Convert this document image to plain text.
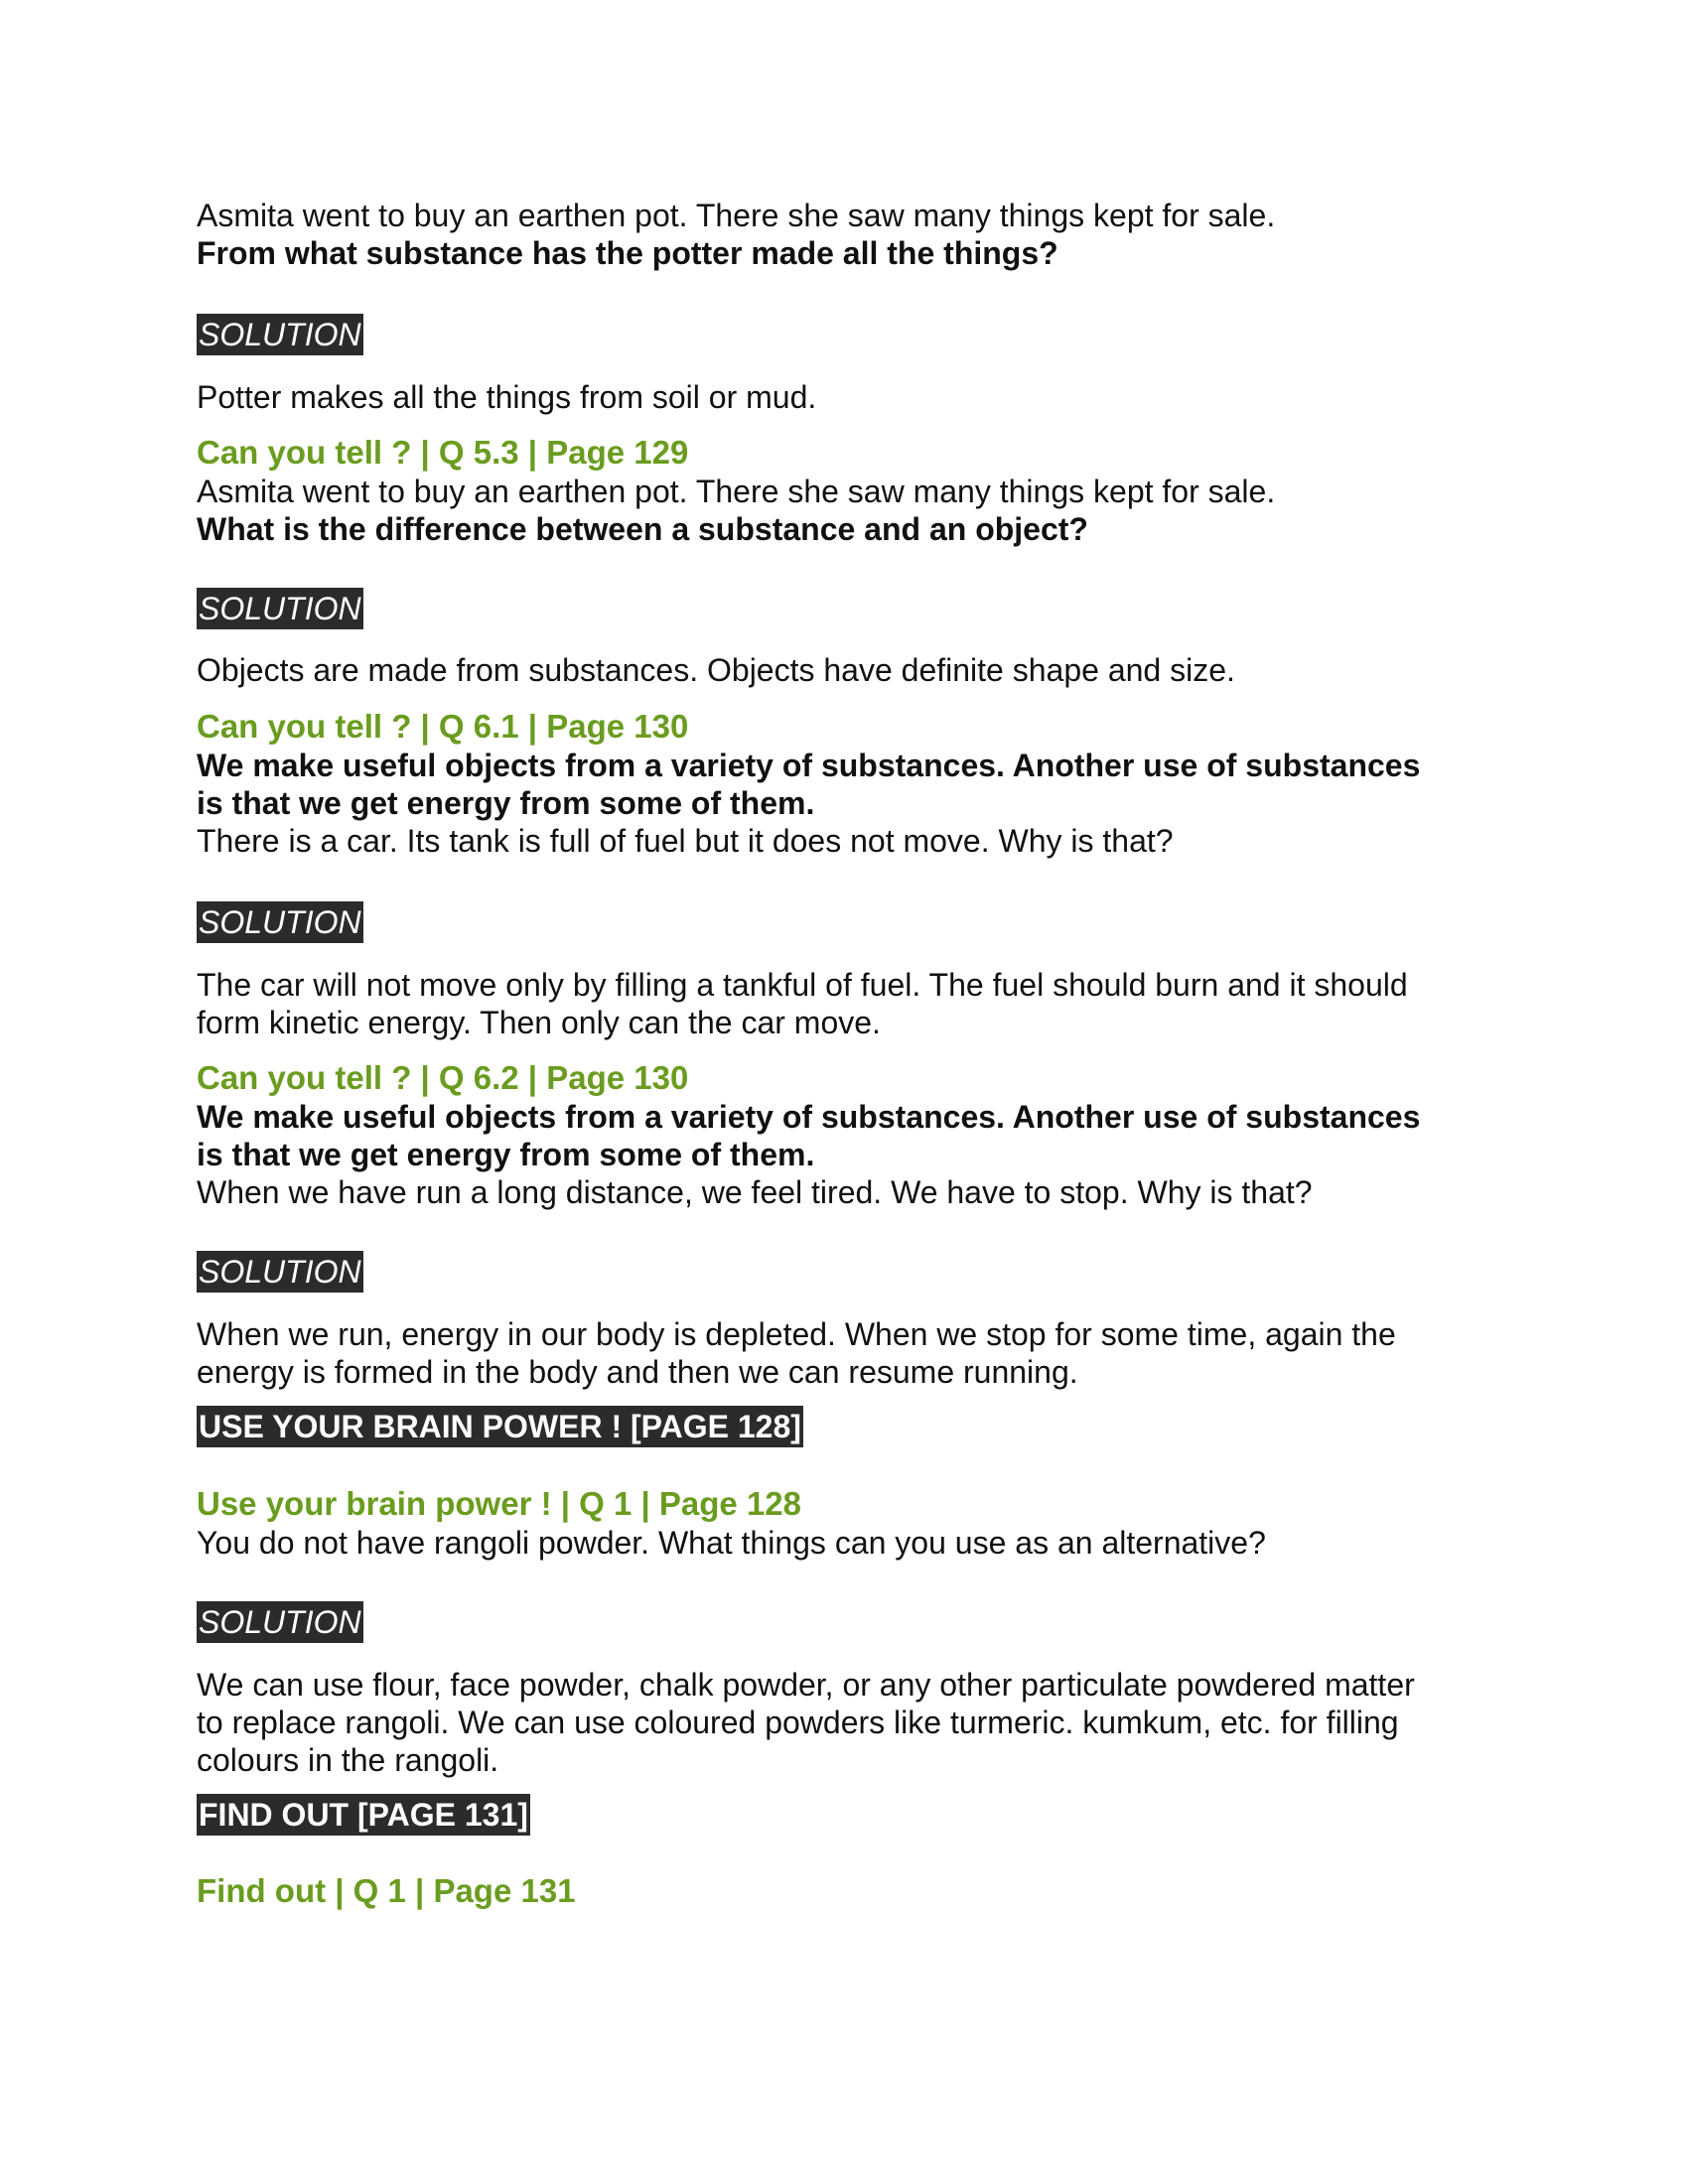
Asmita went to buy an earthen pot. There she saw many things kept for sale.

From what substance has the potter made all the things?

SOLUTION

Potter makes all the things from soil or mud.

Can you tell ? | Q 5.3 | Page 129

Asmita went to buy an earthen pot. There she saw many things kept for sale.

What is the difference between a substance and an object?

SOLUTION

Objects are made from substances. Objects have definite shape and size.

Can you tell ? | Q 6.1 | Page 130

We make useful objects from a variety of substances. Another use of substances

is that we get energy from some of them.

There is a car. Its tank is full of fuel but it does not move. Why is that?

SOLUTION

The car will not move only by filling a tankful of fuel. The fuel should burn and it should

form kinetic energy. Then only can the car move.

Can you tell ? | Q 6.2 | Page 130

We make useful objects from a variety of substances. Another use of substances

is that we get energy from some of them.

When we have run a long distance, we feel tired. We have to stop. Why is that?

SOLUTION

When we run, energy in our body is depleted. When we stop for some time, again the

energy is formed in the body and then we can resume running.

USE YOUR BRAIN POWER ! [PAGE 128]

Use your brain power ! | Q 1 | Page 128

You do not have rangoli powder. What things can you use as an alternative?

SOLUTION

We can use flour, face powder, chalk powder, or any other particulate powdered matter

to replace rangoli. We can use coloured powders like turmeric. kumkum, etc. for filling

colours in the rangoli.

FIND OUT [PAGE 131]

Find out | Q 1 | Page 131
